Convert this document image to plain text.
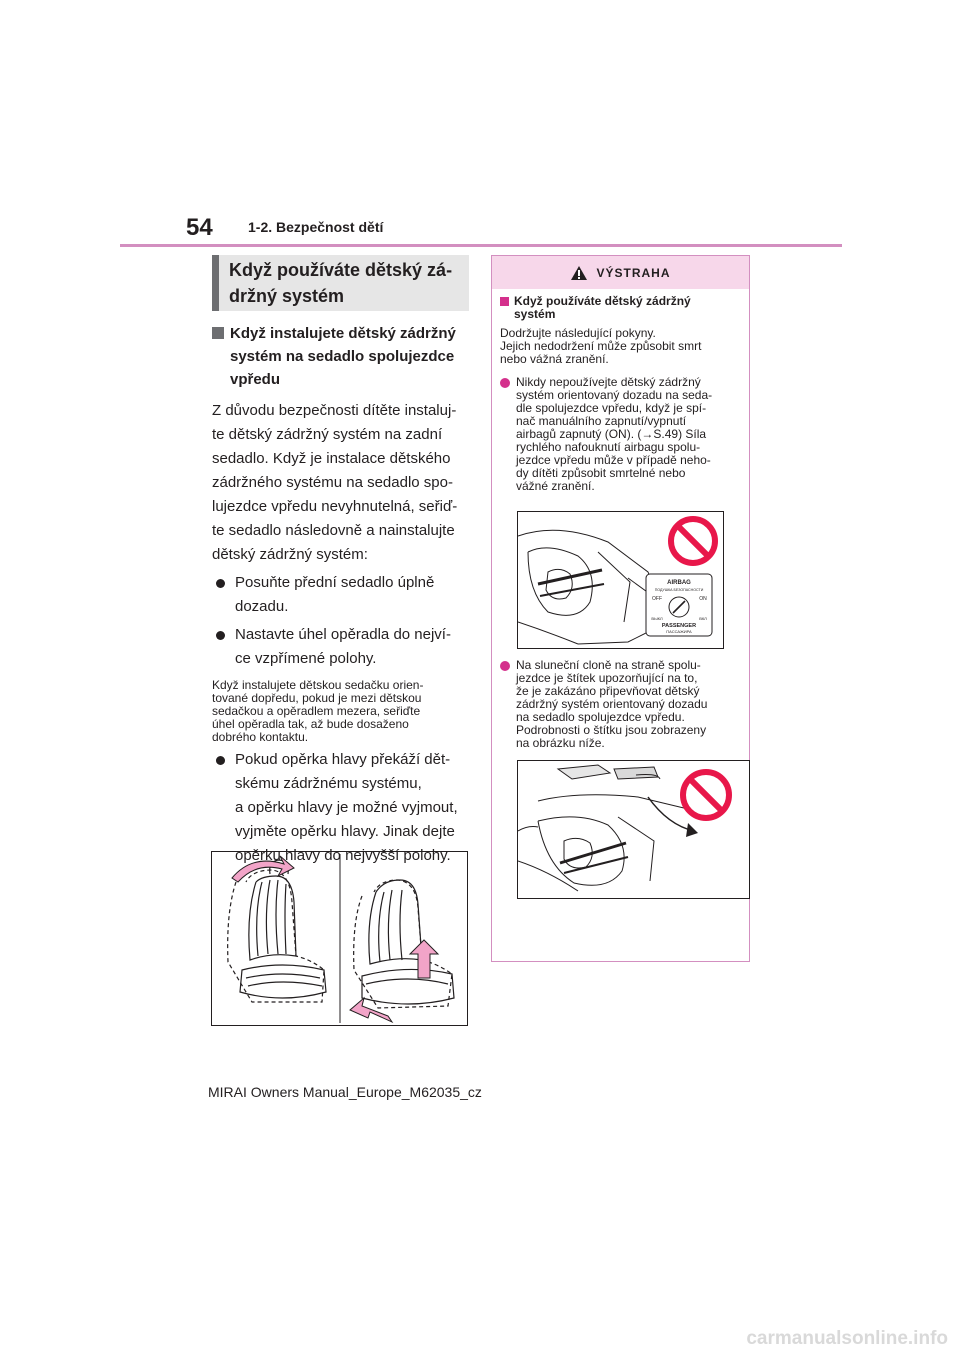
54	1-2. Bezpečnost dětí
Když používáte dětský zá-
držný systém
Když instalujete dětský zádržný systém na sedadlo spolujezdce vpředu

Z důvodu bezpečnosti dítěte instaluj-
te dětský zádržný systém na zadní
sedadlo. Když je instalace dětského
zádržného systému na sedadlo spo-
lujezdce vpředu nevyhnutelná, seřiď-
te sedadlo následovně a nainstalujte
dětský zádržný systém:

Posuňte přední sedadlo úplně
dozadu.
Nastavte úhel opěradla do nejví-
ce vzpřímené polohy.

Když instalujete dětskou sedačku orien-
tované dopředu, pokud je mezi dětskou
sedačkou a opěradlem mezera, seřiďte
úhel opěradla tak, až bude dosaženo
dobrého kontaktu.

Pokud opěrka hlavy překáží dět-
skému zádržnému systému,
a opěrku hlavy je možné vyjmout,
vyjměte opěrku hlavy. Jinak dejte
opěrku hlavy do nejvyšší polohy.
VÝSTRAHA
Když používáte dětský zádržný
systém

Dodržujte následující pokyny.
Jejich nedodržení může způsobit smrt
nebo vážná zranění.

Nikdy nepoužívejte dětský zádržný
systém orientovaný dozadu na seda-
dle spolujezdce vpředu, když je spí-
nač manuálního zapnutí/vypnutí
airbagů zapnutý (ON). (→S.49) Síla
rychlého nafouknutí airbagu spolu-
jezdce vpředu může v případě neho-
dy dítěti způsobit smrtelné nebo
vážné zranění.
AIRBAG
ПОДУШКА БЕЗОПАСНОСТИ
OFF	ON
ВЫКЛ	ВКЛ
PASSENGER
ПАССАЖИРА
Na sluneční cloně na straně spolu-
jezdce je štítek upozorňující na to,
že je zakázáno připevňovat dětský
zádržný systém orientovaný dozadu
na sedadlo spolujezdce vpředu.
Podrobnosti o štítku jsou zobrazeny
na obrázku níže.
MIRAI Owners Manual_Europe_M62035_cz
carmanualsonline.info
